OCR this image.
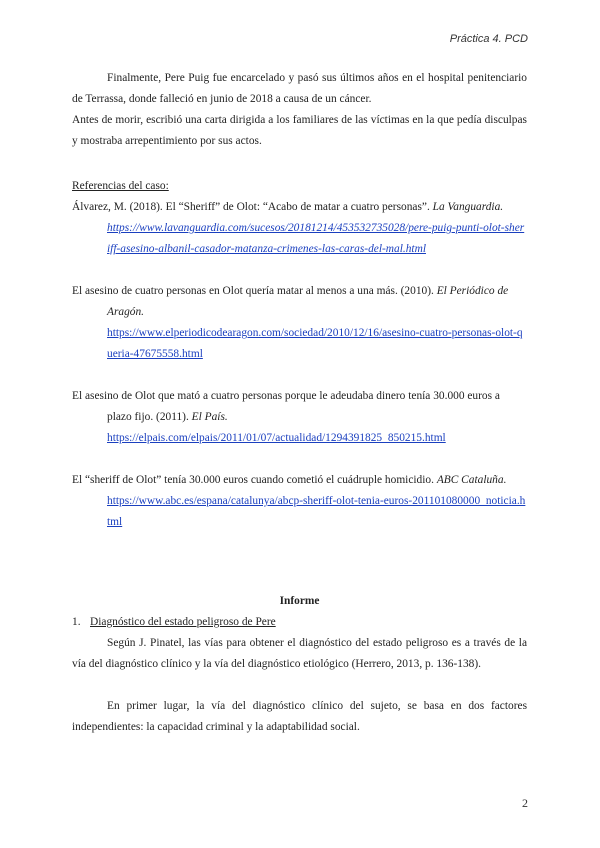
Práctica 4. PCD

Finalmente, Pere Puig fue encarcelado y pasó sus últimos años en el hospital penitenciario de Terrassa, donde falleció en junio de 2018 a causa de un cáncer.

Antes de morir, escribió una carta dirigida a los familiares de las víctimas en la que pedía disculpas y mostraba arrepentimiento por sus actos.

Referencias del caso:

Álvarez, M. (2018). El “Sheriff” de Olot: “Acabo de matar a cuatro personas”. La Vanguardia.
https://www.lavanguardia.com/sucesos/20181214/453532735028/pere-puig-punti-olot-sheriff-asesino-albanil-casador-matanza-crimenes-las-caras-del-mal.html

El asesino de cuatro personas en Olot quería matar al menos a una más. (2010). El Periódico de Aragón.
https://www.elperiodicodearagon.com/sociedad/2010/12/16/asesino-cuatro-personas-olot-queria-47675558.html

El asesino de Olot que mató a cuatro personas porque le adeudaba dinero tenía 30.000 euros a plazo fijo. (2011). El País.
https://elpais.com/elpais/2011/01/07/actualidad/1294391825_850215.html

El “sheriff de Olot” tenía 30.000 euros cuando cometió el cuádruple homicidio. ABC Cataluña.
https://www.abc.es/espana/catalunya/abcp-sheriff-olot-tenia-euros-201101080000_noticia.html

Informe

1. Diagnóstico del estado peligroso de Pere

Según J. Pinatel, las vías para obtener el diagnóstico del estado peligroso es a través de la vía del diagnóstico clínico y la vía del diagnóstico etiológico (Herrero, 2013, p. 136-138).

En primer lugar, la vía del diagnóstico clínico del sujeto, se basa en dos factores independientes: la capacidad criminal y la adaptabilidad social.

2
